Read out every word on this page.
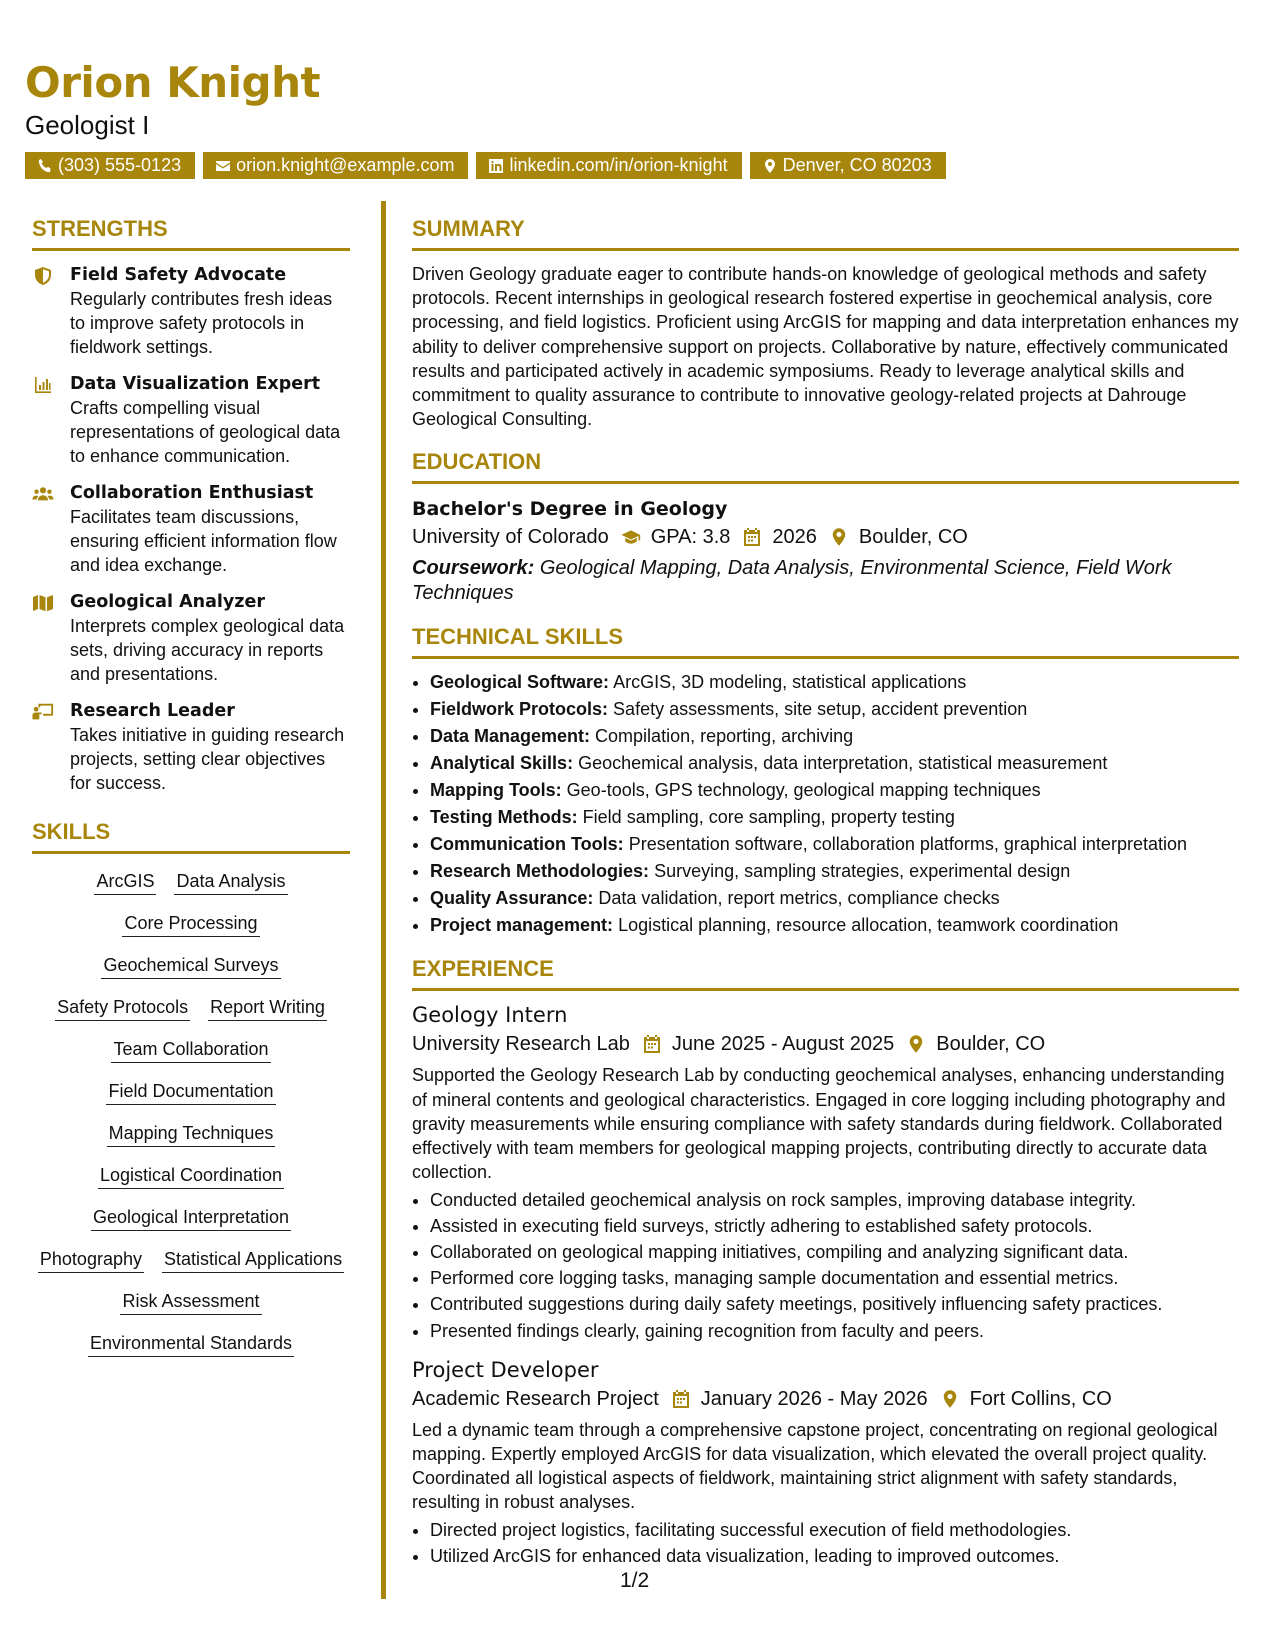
Orion Knight
Geologist I
(303) 555-0123	orion.knight@example.com	linkedin.com/in/orion-knight	Denver, CO 80203
STRENGTHS
Field Safety Advocate
Regularly contributes fresh ideas to improve safety protocols in fieldwork settings.
Data Visualization Expert
Crafts compelling visual representations of geological data to enhance communication.
Collaboration Enthusiast
Facilitates team discussions, ensuring efficient information flow and idea exchange.
Geological Analyzer
Interprets complex geological data sets, driving accuracy in reports and presentations.
Research Leader
Takes initiative in guiding research projects, setting clear objectives for success.
SKILLS
ArcGIS Data Analysis
Core Processing
Geochemical Surveys
Safety Protocols Report Writing
Team Collaboration
Field Documentation
Mapping Techniques
Logistical Coordination
Geological Interpretation
Photography Statistical Applications
Risk Assessment
Environmental Standards
SUMMARY

Driven Geology graduate eager to contribute hands-on knowledge of geological methods and safety protocols. Recent internships in geological research fostered expertise in geochemical analysis, core processing, and field logistics. Proficient using ArcGIS for mapping and data interpretation enhances my ability to deliver comprehensive support on projects. Collaborative by nature, effectively communicated results and participated actively in academic symposiums. Ready to leverage analytical skills and commitment to quality assurance to contribute to innovative geology-related projects at Dahrouge Geological Consulting.

EDUCATION
Bachelor's Degree in Geology
University of Colorado GPA: 3.8 2026 Boulder, CO
Coursework: Geological Mapping, Data Analysis, Environmental Science, Field Work Techniques
TECHNICAL SKILLS
• Geological Software: ArcGIS, 3D modeling, statistical applications
• Fieldwork Protocols: Safety assessments, site setup, accident prevention
• Data Management: Compilation, reporting, archiving
• Analytical Skills: Geochemical analysis, data interpretation, statistical measurement
• Mapping Tools: Geo-tools, GPS technology, geological mapping techniques
• Testing Methods: Field sampling, core sampling, property testing
• Communication Tools: Presentation software, collaboration platforms, graphical interpretation
• Research Methodologies: Surveying, sampling strategies, experimental design
• Quality Assurance: Data validation, report metrics, compliance checks
• Project management: Logistical planning, resource allocation, teamwork coordination
EXPERIENCE
Geology Intern
University Research Lab June 2025 - August 2025 Boulder, CO
Supported the Geology Research Lab by conducting geochemical analyses, enhancing understanding of mineral contents and geological characteristics. Engaged in core logging including photography and gravity measurements while ensuring compliance with safety standards during fieldwork. Collaborated effectively with team members for geological mapping projects, contributing directly to accurate data collection.
• Conducted detailed geochemical analysis on rock samples, improving database integrity.
• Assisted in executing field surveys, strictly adhering to established safety protocols.
• Collaborated on geological mapping initiatives, compiling and analyzing significant data.
• Performed core logging tasks, managing sample documentation and essential metrics.
• Contributed suggestions during daily safety meetings, positively influencing safety practices.
• Presented findings clearly, gaining recognition from faculty and peers.
Project Developer
Academic Research Project January 2026 - May 2026 Fort Collins, CO
Led a dynamic team through a comprehensive capstone project, concentrating on regional geological mapping. Expertly employed ArcGIS for data visualization, which elevated the overall project quality. Coordinated all logistical aspects of fieldwork, maintaining strict alignment with safety standards, resulting in robust analyses.
• Directed project logistics, facilitating successful execution of field methodologies.
• Utilized ArcGIS for enhanced data visualization, leading to improved outcomes.
1/2
